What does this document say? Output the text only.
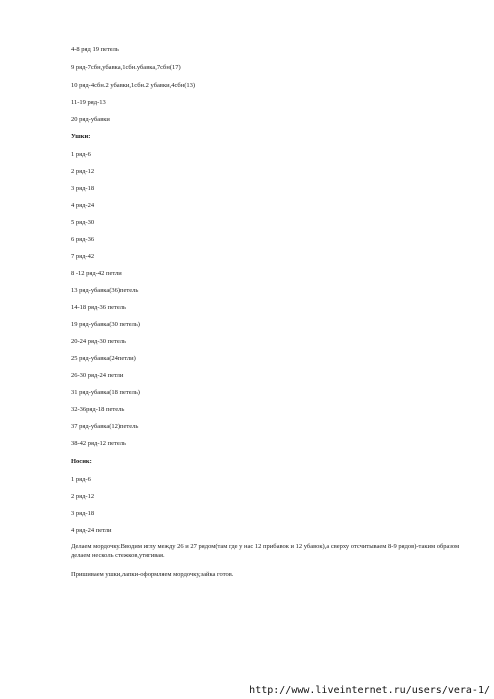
4-8 ряд 19 петель
9 ряд-7сбн,убавка,1сбн.убавка,7сбн(17)
10 ряд-4сбн.2 убавки,1сбн.2 убавки,4сбн(13)
11-19 ряд-13
20 ряд-убавки
Ушки:
1 ряд-6
2 ряд-12
3 ряд-18
4 ряд-24
5 ряд-30
6 ряд-36
7 ряд-42
8 -12 ряд-42 петли
13 ряд-убавка(36)петель
14-18 ряд-36 петель
19 ряд-убавка(30 петель)
20-24 ряд-30 петель
25 ряд-убавка(24петли)
26-30 ряд-24 петли
31 ряд-убавка(18 петель)
32-36ряд-18 петель
37 ряд-убавка(12)петель
38-42 ряд-12 петель
Носик:
1 ряд-6
2 ряд-12
3 ряд-18
4 ряд-24 петли
Делаем мордочку.Вводим иглу между 26 и 27 рядом(там где у нас 12 прибавок и 12 убавок),а сверху отсчитываем 8-9 рядов)-таким образом делаем несколь стежков,утягивая.
Пришиваем ушки,лапки-оформляем мордочку,зайка готов.
http://www.liveinternet.ru/users/vera-1/
